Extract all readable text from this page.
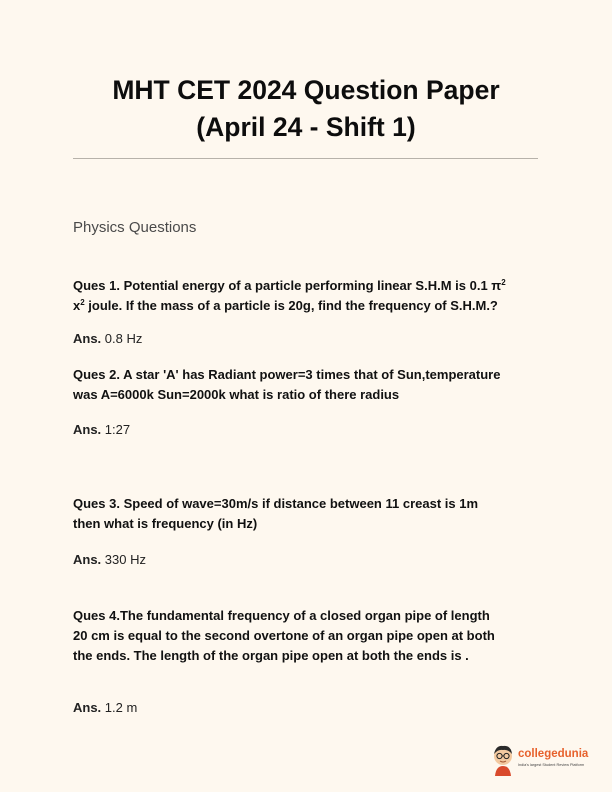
MHT CET 2024 Question Paper
(April 24 - Shift 1)
Physics Questions
Ques 1. Potential energy of a particle performing linear S.H.M is 0.1 $\pi^2$
$x^2$ joule. If the mass of a particle is 20g, find the frequency of S.H.M.?
Ans. 0.8 Hz
Ques 2. A star 'A' has Radiant power=3 times that of Sun,temperature
was A=6000k Sun=2000k what is ratio of there radius
Ans. 1:27
Ques 3. Speed of wave=30m/s if distance between 11 creast is 1m
then what is frequency (in Hz)
Ans. 330 Hz
Ques 4.The fundamental frequency of a closed organ pipe of length
20 cm is equal to the second overtone of an organ pipe open at both
the ends. The length of the organ pipe open at both the ends is .
Ans. 1.2 m
collegedunia
India's largest Student Review Platform
